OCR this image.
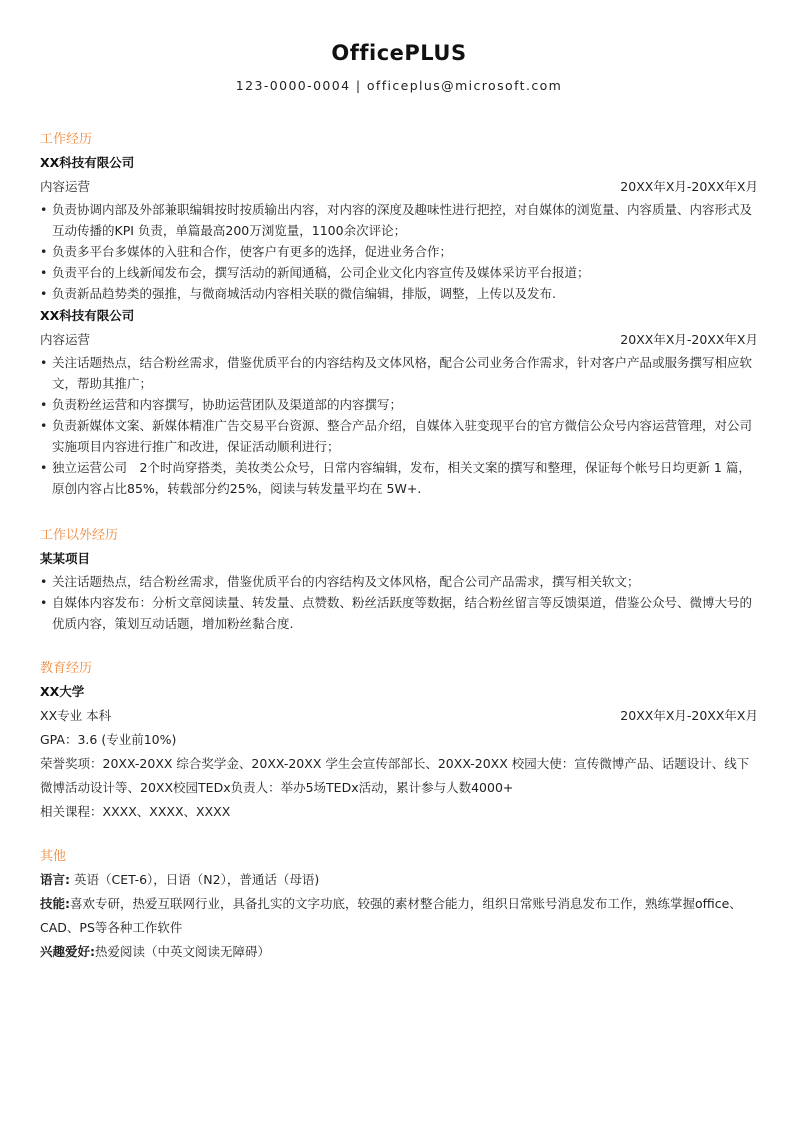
OfficePLUS
123-0000-0004 | officeplus@microsoft.com
工作经历
XX科技有限公司
内容运营	20XX年X月-20XX年X月
• 负责协调内部及外部兼职编辑按时按质输出内容，对内容的深度及趣味性进行把控，对自媒体的浏览量、内容质量、内容形式及互动传播的KPI 负责，单篇最高200万浏览量，1100余次评论；
• 负责多平台多媒体的入驻和合作，使客户有更多的选择，促进业务合作；
• 负责平台的上线新闻发布会，撰写活动的新闻通稿，公司企业文化内容宣传及媒体采访平台报道；
• 负责新品趋势类的强推，与微商城活动内容相关联的微信编辑，排版，调整，上传以及发布.
XX科技有限公司
内容运营	20XX年X月-20XX年X月
• 关注话题热点，结合粉丝需求，借鉴优质平台的内容结构及文体风格，配合公司业务合作需求，针对客户产品或服务撰写相应软文，帮助其推广；
• 负责粉丝运营和内容撰写，协助运营团队及渠道部的内容撰写；
• 负责新媒体文案、新媒体精准广告交易平台资源、整合产品介绍，自媒体入驻变现平台的官方微信公众号内容运营管理，对公司实施项目内容进行推广和改进，保证活动顺利进行；
• 独立运营公司　2个时尚穿搭类，美妆类公众号，日常内容编辑，发布，相关文案的撰写和整理，保证每个帐号日均更新 1 篇，原创内容占比85%，转载部分约25%，阅读与转发量平均在 5W+.
工作以外经历
某某项目
• 关注话题热点，结合粉丝需求，借鉴优质平台的内容结构及文体风格，配合公司产品需求，撰写相关软文；
• 自媒体内容发布：分析文章阅读量、转发量、点赞数、粉丝活跃度等数据，结合粉丝留言等反馈渠道，借鉴公众号、微博大号的优质内容，策划互动话题，增加粉丝黏合度.
教育经历
XX大学
XX专业 本科	20XX年X月-20XX年X月
GPA：3.6 (专业前10%)
荣誉奖项：20XX-20XX 综合奖学金、20XX-20XX 学生会宣传部部长、20XX-20XX 校园大使：宣传微博产品、话题设计、线下微博活动设计等、20XX校园TEDx负责人：举办5场TEDx活动，累计参与人数4000+
相关课程：XXXX、XXXX、XXXX
其他
语言: 英语（CET-6），日语（N2），普通话（母语)
技能:喜欢专研，热爱互联网行业，具备扎实的文字功底，较强的素材整合能力，组织日常账号消息发布工作，熟练掌握office、CAD、PS等各种工作软件
兴趣爱好:热爱阅读（中英文阅读无障碍）
